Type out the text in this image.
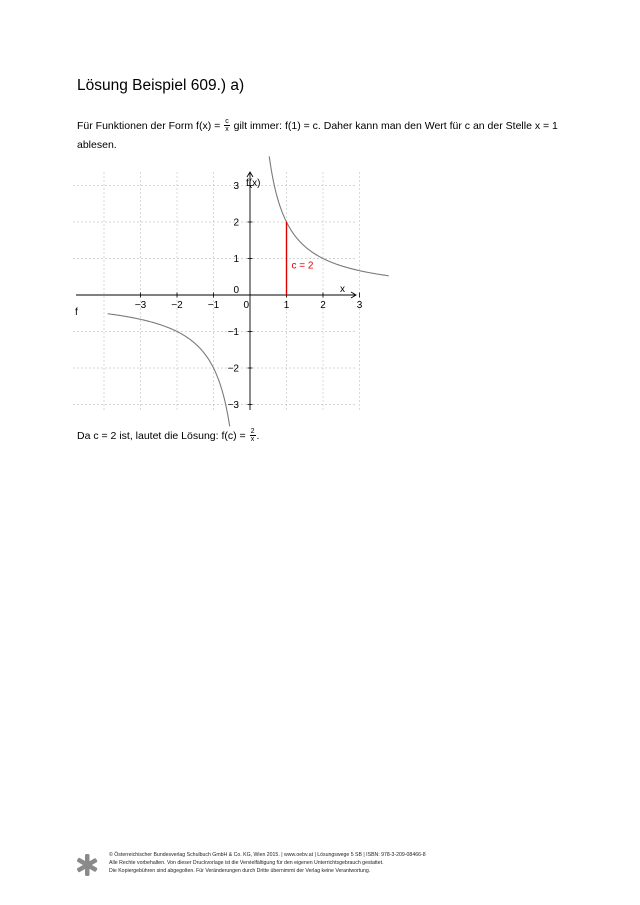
Lösung Beispiel 609.) a)
Für Funktionen der Form $f(x) = \frac{c}{x}$ gilt immer: f(1) = c. Daher kann man den Wert für c an der Stelle x = 1
ablesen.
−3	−2	−1 0	1	2	3
3
2
1
−1
−2
−3
0
f(x)
x
f
c = 2
Da c = 2 ist, lautet die Lösung: $f(c) = \frac{2}{x}$ .
© Österreichischer Bundesverlag Schulbuch GmbH & Co. KG, Wien 2015. | www.oebv.at | Lösungswege 5 SB | ISBN: 978-3-209-08466-8
Alle Rechte vorbehalten. Von dieser Druckvorlage ist die Vervielfältigung für den eigenen Unterrichtsgebrauch gestattet.
Die Kopiergebühren sind abgegolten. Für Veränderungen durch Dritte übernimmt der Verlag keine Verantwortung.
